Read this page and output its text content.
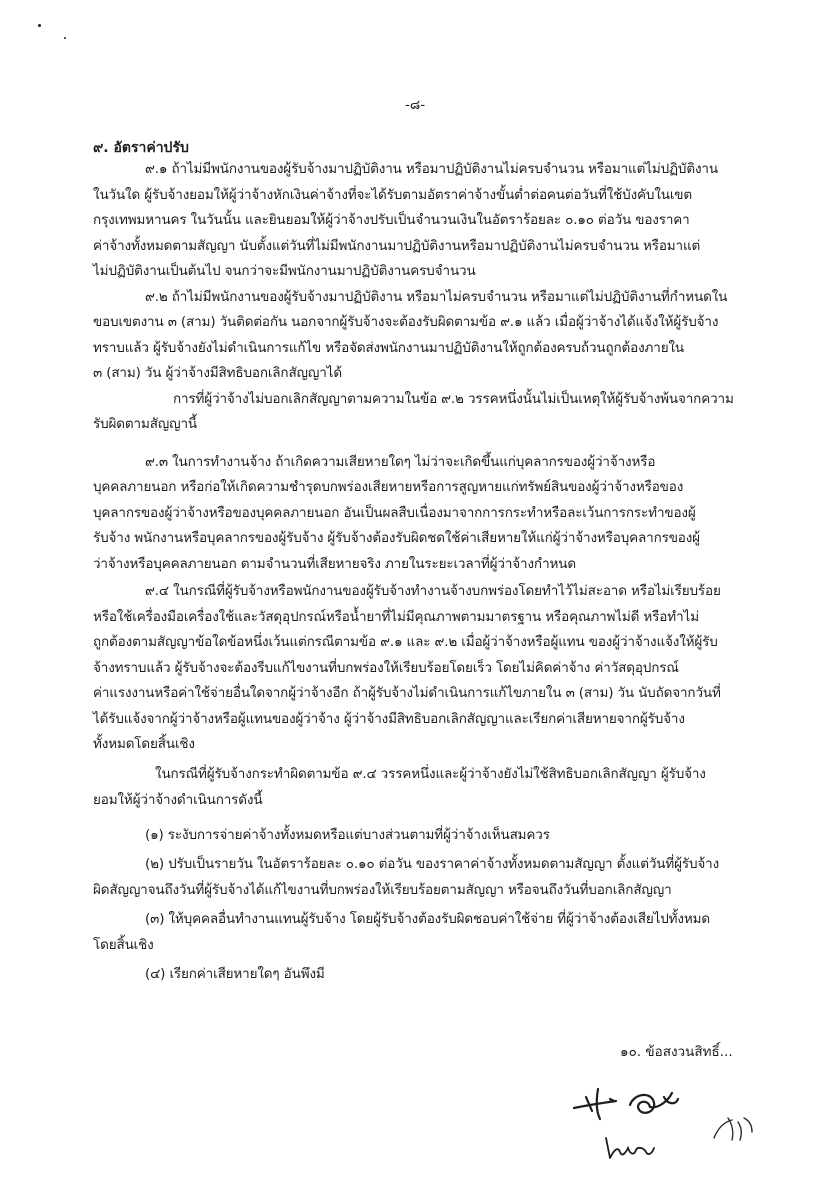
-๘-
๙. อัตราค่าปรับ
๙.๑ ถ้าไม่มีพนักงานของผู้รับจ้างมาปฏิบัติงาน หรือมาปฏิบัติงานไม่ครบจำนวน หรือมาแต่ไม่ปฏิบัติงาน
ในวันใด ผู้รับจ้างยอมให้ผู้ว่าจ้างหักเงินค่าจ้างที่จะได้รับตามอัตราค่าจ้างขั้นต่ำต่อคนต่อวันที่ใช้บังคับในเขต
กรุงเทพมหานคร ในวันนั้น และยินยอมให้ผู้ว่าจ้างปรับเป็นจำนวนเงินในอัตราร้อยละ ๐.๑๐ ต่อวัน ของราคา
ค่าจ้างทั้งหมดตามสัญญา นับตั้งแต่วันที่ไม่มีพนักงานมาปฏิบัติงานหรือมาปฏิบัติงานไม่ครบจำนวน หรือมาแต่
ไม่ปฏิบัติงานเป็นต้นไป จนกว่าจะมีพนักงานมาปฏิบัติงานครบจำนวน
๙.๒ ถ้าไม่มีพนักงานของผู้รับจ้างมาปฏิบัติงาน หรือมาไม่ครบจำนวน หรือมาแต่ไม่ปฏิบัติงานที่กำหนดใน
ขอบเขตงาน ๓ (สาม) วันติดต่อกัน นอกจากผู้รับจ้างจะต้องรับผิดตามข้อ ๙.๑ แล้ว เมื่อผู้ว่าจ้างได้แจ้งให้ผู้รับจ้าง
ทราบแล้ว ผู้รับจ้างยังไม่ดำเนินการแก้ไข หรือจัดส่งพนักงานมาปฏิบัติงานให้ถูกต้องครบถ้วนถูกต้องภายใน
๓ (สาม) วัน ผู้ว่าจ้างมีสิทธิบอกเลิกสัญญาได้
การที่ผู้ว่าจ้างไม่บอกเลิกสัญญาตามความในข้อ ๙.๒ วรรคหนึ่งนั้นไม่เป็นเหตุให้ผู้รับจ้างพ้นจากความ
รับผิดตามสัญญานี้
๙.๓ ในการทำงานจ้าง ถ้าเกิดความเสียหายใดๆ ไม่ว่าจะเกิดขึ้นแก่บุคลากรของผู้ว่าจ้างหรือ
บุคคลภายนอก หรือก่อให้เกิดความชำรุดบกพร่องเสียหายหรือการสูญหายแก่ทรัพย์สินของผู้ว่าจ้างหรือของ
บุคลากรของผู้ว่าจ้างหรือของบุคคลภายนอก อันเป็นผลสืบเนื่องมาจากการกระทำหรือละเว้นการกระทำของผู้
รับจ้าง พนักงานหรือบุคลากรของผู้รับจ้าง ผู้รับจ้างต้องรับผิดชดใช้ค่าเสียหายให้แก่ผู้ว่าจ้างหรือบุคลากรของผู้
ว่าจ้างหรือบุคคลภายนอก ตามจำนวนที่เสียหายจริง ภายในระยะเวลาที่ผู้ว่าจ้างกำหนด
๙.๔ ในกรณีที่ผู้รับจ้างหรือพนักงานของผู้รับจ้างทำงานจ้างบกพร่องโดยทำไว้ไม่สะอาด หรือไม่เรียบร้อย
หรือใช้เครื่องมือเครื่องใช้และวัสดุอุปกรณ์หรือน้ำยาที่ไม่มีคุณภาพตามมาตรฐาน หรือคุณภาพไม่ดี หรือทำไม่
ถูกต้องตามสัญญาข้อใดข้อหนึ่งเว้นแต่กรณีตามข้อ ๙.๑ และ ๙.๒ เมื่อผู้ว่าจ้างหรือผู้แทน ของผู้ว่าจ้างแจ้งให้ผู้รับ
จ้างทราบแล้ว ผู้รับจ้างจะต้องรีบแก้ไขงานที่บกพร่องให้เรียบร้อยโดยเร็ว โดยไม่คิดค่าจ้าง ค่าวัสดุอุปกรณ์
ค่าแรงงานหรือค่าใช้จ่ายอื่นใดจากผู้ว่าจ้างอีก ถ้าผู้รับจ้างไม่ดำเนินการแก้ไขภายใน ๓ (สาม) วัน นับถัดจากวันที่
ได้รับแจ้งจากผู้ว่าจ้างหรือผู้แทนของผู้ว่าจ้าง ผู้ว่าจ้างมีสิทธิบอกเลิกสัญญาและเรียกค่าเสียหายจากผู้รับจ้าง
ทั้งหมดโดยสิ้นเชิง
ในกรณีที่ผู้รับจ้างกระทำผิดตามข้อ ๙.๔ วรรคหนึ่งและผู้ว่าจ้างยังไม่ใช้สิทธิบอกเลิกสัญญา ผู้รับจ้าง
ยอมให้ผู้ว่าจ้างดำเนินการดังนี้
(๑) ระงับการจ่ายค่าจ้างทั้งหมดหรือแต่บางส่วนตามที่ผู้ว่าจ้างเห็นสมควร
(๒) ปรับเป็นรายวัน ในอัตราร้อยละ ๐.๑๐ ต่อวัน ของราคาค่าจ้างทั้งหมดตามสัญญา ตั้งแต่วันที่ผู้รับจ้าง
ผิดสัญญาจนถึงวันที่ผู้รับจ้างได้แก้ไขงานที่บกพร่องให้เรียบร้อยตามสัญญา หรือจนถึงวันที่บอกเลิกสัญญา
(๓) ให้บุคคลอื่นทำงานแทนผู้รับจ้าง โดยผู้รับจ้างต้องรับผิดชอบค่าใช้จ่าย ที่ผู้ว่าจ้างต้องเสียไปทั้งหมด
โดยสิ้นเชิง
(๔) เรียกค่าเสียหายใดๆ อันพึงมี
๑๐. ข้อสงวนสิทธิ์...
